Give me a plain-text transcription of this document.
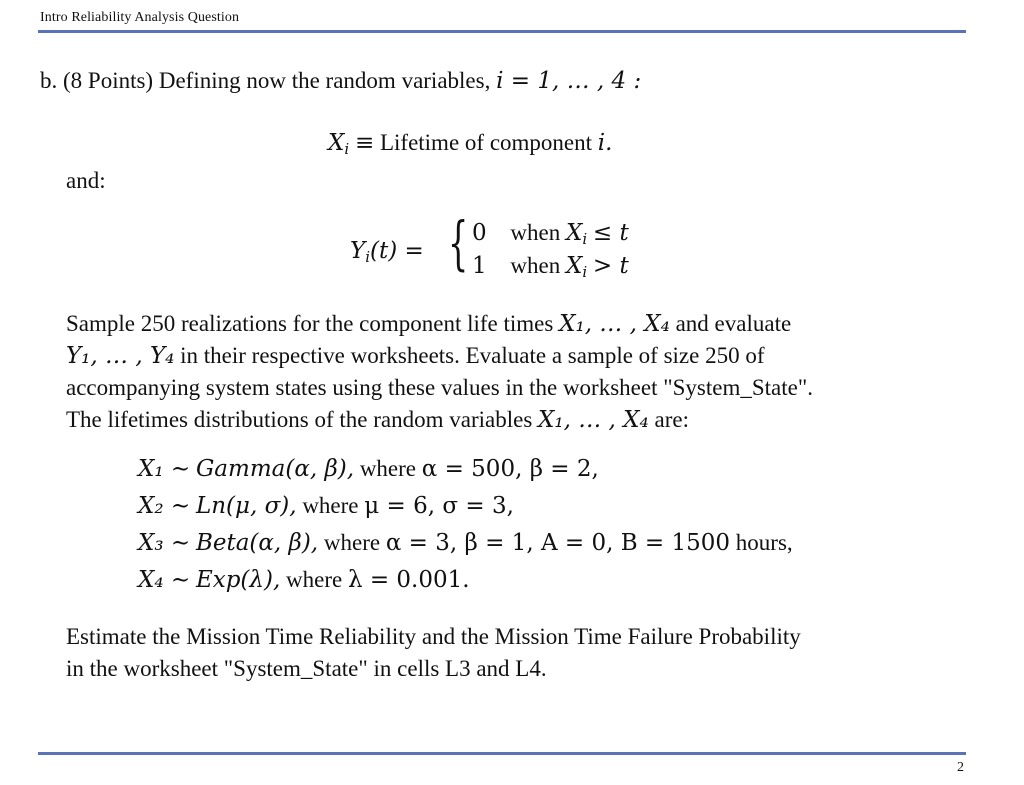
Intro Reliability Analysis Question
b. (8 Points) Defining now the random variables, i = 1, … , 4 :
$X_i$ ≡ Lifetime of component i.
and:
$Y_i(t)$ = { 0 when $X_i \le t$
1 when $X_i > t$
Sample 250 realizations for the component life times X₁, … , X₄ and evaluate
Y₁, … , Y₄ in their respective worksheets. Evaluate a sample of size 250 of
accompanying system states using these values in the worksheet "System_State".
The lifetimes distributions of the random variables X₁, … , X₄ are:
X₁ ∼ Gamma(α, β), where α = 500, β = 2,
X₂ ∼ Ln(μ, σ), where μ = 6, σ = 3,
X₃ ∼ Beta(α, β), where α = 3, β = 1, A = 0, B = 1500 hours,
X₄ ∼ Exp(λ), where λ = 0.001.
Estimate the Mission Time Reliability and the Mission Time Failure Probability
in the worksheet "System_State" in cells L3 and L4.
2
